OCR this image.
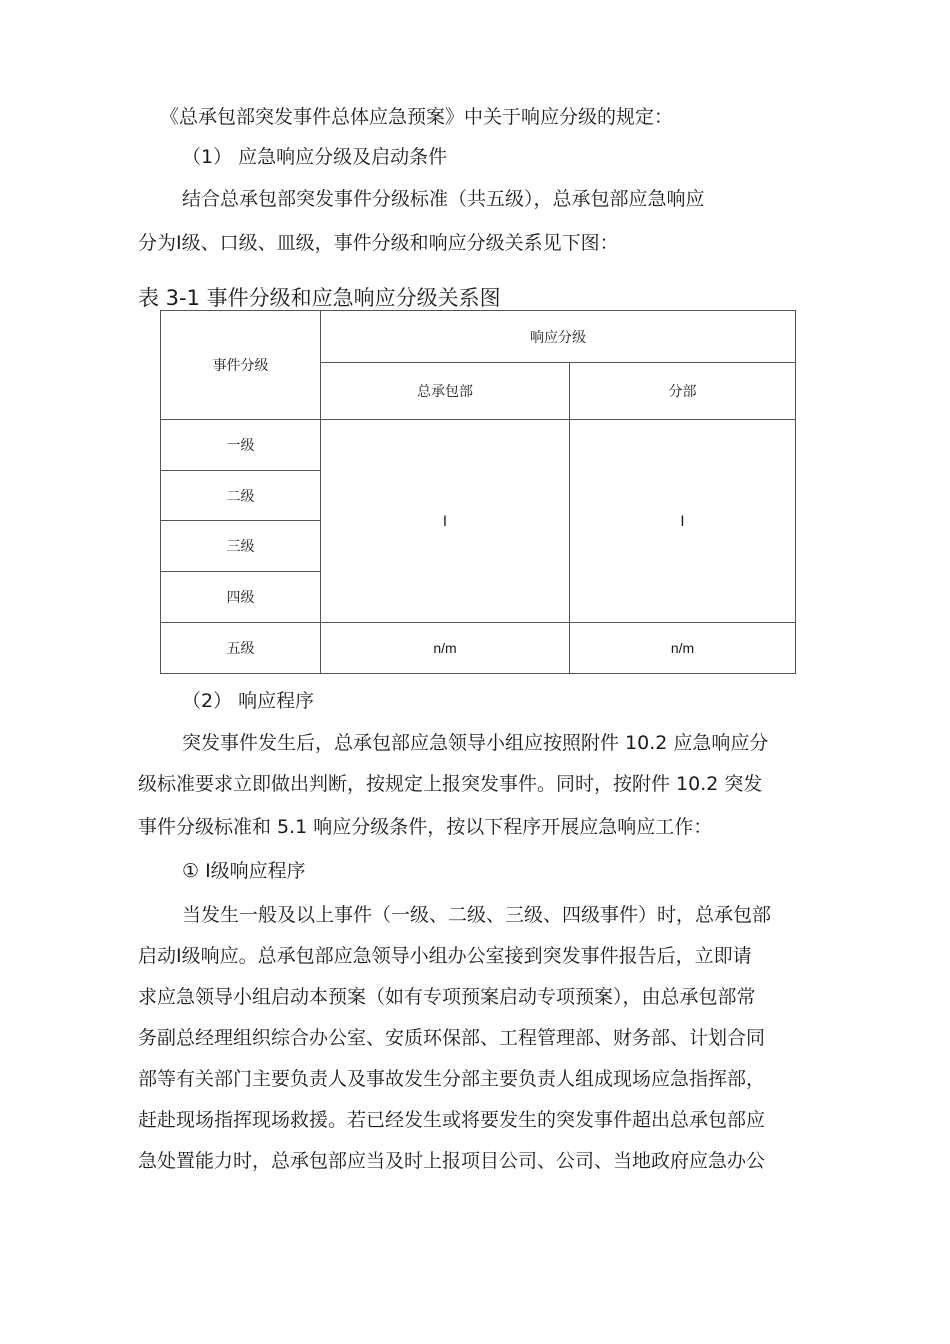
《总承包部突发事件总体应急预案》中关于响应分级的规定：
（1） 应急响应分级及启动条件
结合总承包部突发事件分级标准（共五级），总承包部应急响应
分为Ⅰ级、口级、皿级，事件分级和响应分级关系见下图：
表 3-1 事件分级和应急响应分级关系图
事件分级	响应分级	
	总承包部	分部
一级	Ⅰ	Ⅰ
二级		
三级		
四级		
五级	n/m	n/m
（2） 响应程序
突发事件发生后，总承包部应急领导小组应按照附件 10.2 应急响应分
级标准要求立即做出判断，按规定上报突发事件。同时，按附件 10.2 突发
事件分级标准和 5.1 响应分级条件，按以下程序开展应急响应工作：
① Ⅰ级响应程序
当发生一般及以上事件（一级、二级、三级、四级事件）时，总承包部
启动Ⅰ级响应。总承包部应急领导小组办公室接到突发事件报告后，立即请
求应急领导小组启动本预案（如有专项预案启动专项预案），由总承包部常
务副总经理组织综合办公室、安质环保部、工程管理部、财务部、计划合同
部等有关部门主要负责人及事故发生分部主要负责人组成现场应急指挥部，
赶赴现场指挥现场救援。若已经发生或将要发生的突发事件超出总承包部应
急处置能力时，总承包部应当及时上报项目公司、公司、当地政府应急办公
